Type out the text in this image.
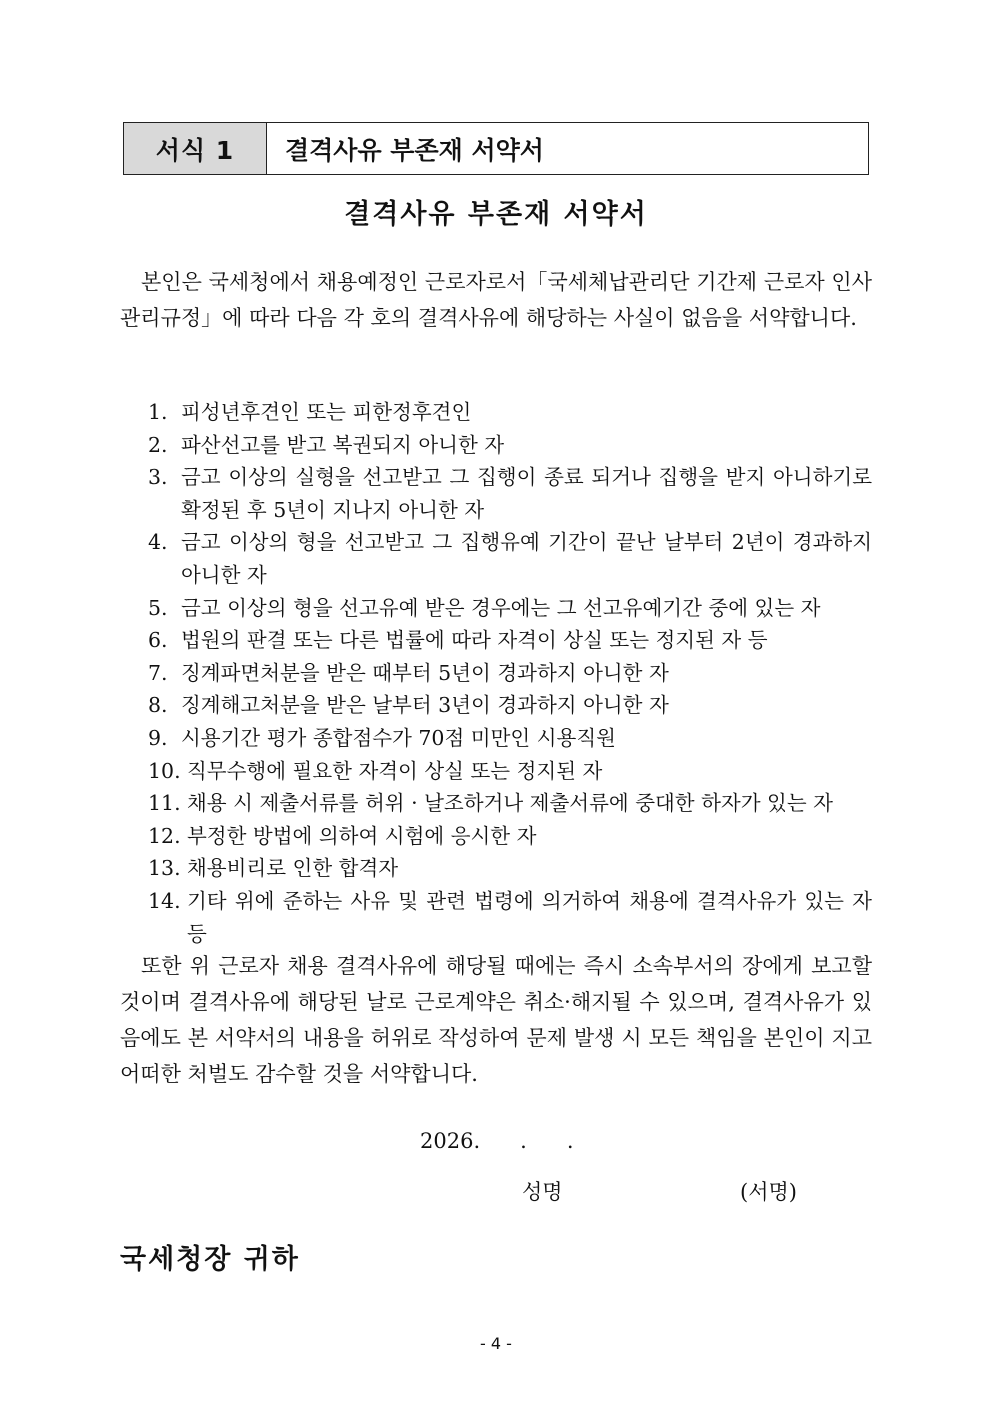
서식 1	결격사유 부존재 서약서
결격사유 부존재 서약서

본인은 국세청에서 채용예정인 근로자로서「국세체납관리단 기간제 근로자 인사 관리규정」에 따라 다음 각 호의 결격사유에 해당하는 사실이 없음을 서약합니다.

1. 피성년후견인 또는 피한정후견인
2. 파산선고를 받고 복권되지 아니한 자
3. 금고 이상의 실형을 선고받고 그 집행이 종료 되거나 집행을 받지 아니하기로 확정된 후 5년이 지나지 아니한 자
4. 금고 이상의 형을 선고받고 그 집행유예 기간이 끝난 날부터 2년이 경과하지 아니한 자
5. 금고 이상의 형을 선고유예 받은 경우에는 그 선고유예기간 중에 있는 자
6. 법원의 판결 또는 다른 법률에 따라 자격이 상실 또는 정지된 자 등
7. 징계파면처분을 받은 때부터 5년이 경과하지 아니한 자
8. 징계해고처분을 받은 날부터 3년이 경과하지 아니한 자
9. 시용기간 평가 종합점수가 70점 미만인 시용직원
10. 직무수행에 필요한 자격이 상실 또는 정지된 자
11. 채용 시 제출서류를 허위 · 날조하거나 제출서류에 중대한 하자가 있는 자
12. 부정한 방법에 의하여 시험에 응시한 자
13. 채용비리로 인한 합격자
14. 기타 위에 준하는 사유 및 관련 법령에 의거하여 채용에 결격사유가 있는 자 등

또한 위 근로자 채용 결격사유에 해당될 때에는 즉시 소속부서의 장에게 보고할 것이며 결격사유에 해당된 날로 근로계약은 취소·해지될 수 있으며, 결격사유가 있음에도 본 서약서의 내용을 허위로 작성하여 문제 발생 시 모든 책임을 본인이 지고 어떠한 처벌도 감수할 것을 서약합니다.

2026.      .      .
성명	(서명)
국세청장 귀하
- 4 -
